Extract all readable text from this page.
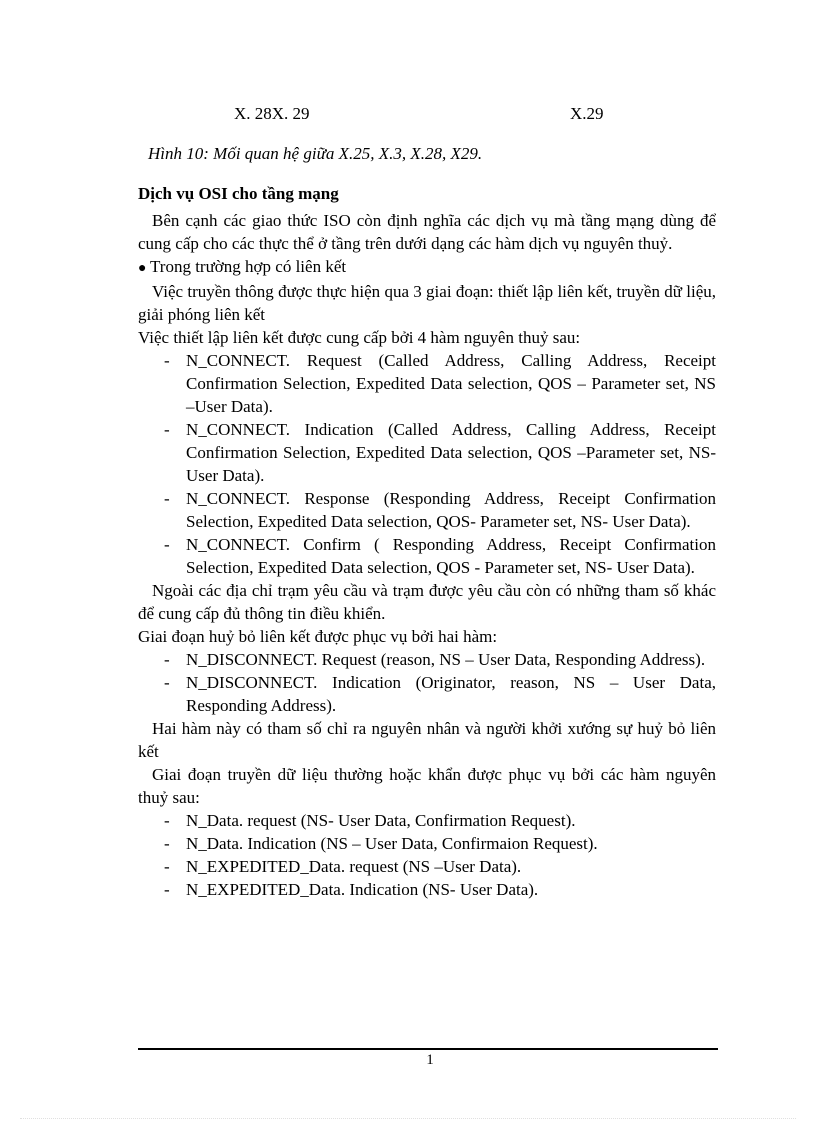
X. 28X. 29	X.29
Hình 10: Mối quan hệ giữa X.25, X.3, X.28, X29.
Dịch vụ OSI cho tầng mạng

Bên cạnh các giao thức ISO còn định nghĩa các dịch vụ mà tầng mạng dùng để cung cấp cho các thực thể ở tầng trên dưới dạng các hàm dịch vụ nguyên thuỷ.

● Trong trường hợp có liên kết

Việc truyền thông được thực hiện qua 3 giai đoạn: thiết lập liên kết, truyền dữ liệu, giải phóng liên kết

Việc thiết lập liên kết được cung cấp bởi 4 hàm nguyên thuỷ sau:

- N_CONNECT. Request (Called Address, Calling Address, Receipt Confirmation Selection, Expedited Data selection, QOS – Parameter set, NS –User Data).
- N_CONNECT. Indication (Called Address, Calling Address, Receipt Confirmation Selection, Expedited Data selection, QOS –Parameter set, NS- User Data).
- N_CONNECT. Response (Responding Address, Receipt Confirmation Selection, Expedited Data selection, QOS- Parameter set, NS- User Data).
- N_CONNECT. Confirm ( Responding Address, Receipt Confirmation Selection, Expedited Data selection, QOS - Parameter set, NS- User Data).

Ngoài các địa chỉ trạm yêu cầu và trạm được yêu cầu còn có những tham số khác để cung cấp đủ thông tin điều khiển.

Giai đoạn huỷ bỏ liên kết được phục vụ bởi hai hàm:

- N_DISCONNECT. Request (reason, NS – User Data, Responding Address).
- N_DISCONNECT. Indication (Originator, reason, NS – User Data, Responding Address).

Hai hàm này có tham số chỉ ra nguyên nhân và người khởi xướng sự huỷ bỏ liên kết

Giai đoạn truyền dữ liệu thường hoặc khẩn được phục vụ bởi các hàm nguyên thuỷ sau:

- N_Data. request (NS- User Data, Confirmation Request).
- N_Data. Indication (NS – User Data, Confirmaion Request).
- N_EXPEDITED_Data. request (NS –User Data).
- N_EXPEDITED_Data. Indication (NS- User Data).
1
